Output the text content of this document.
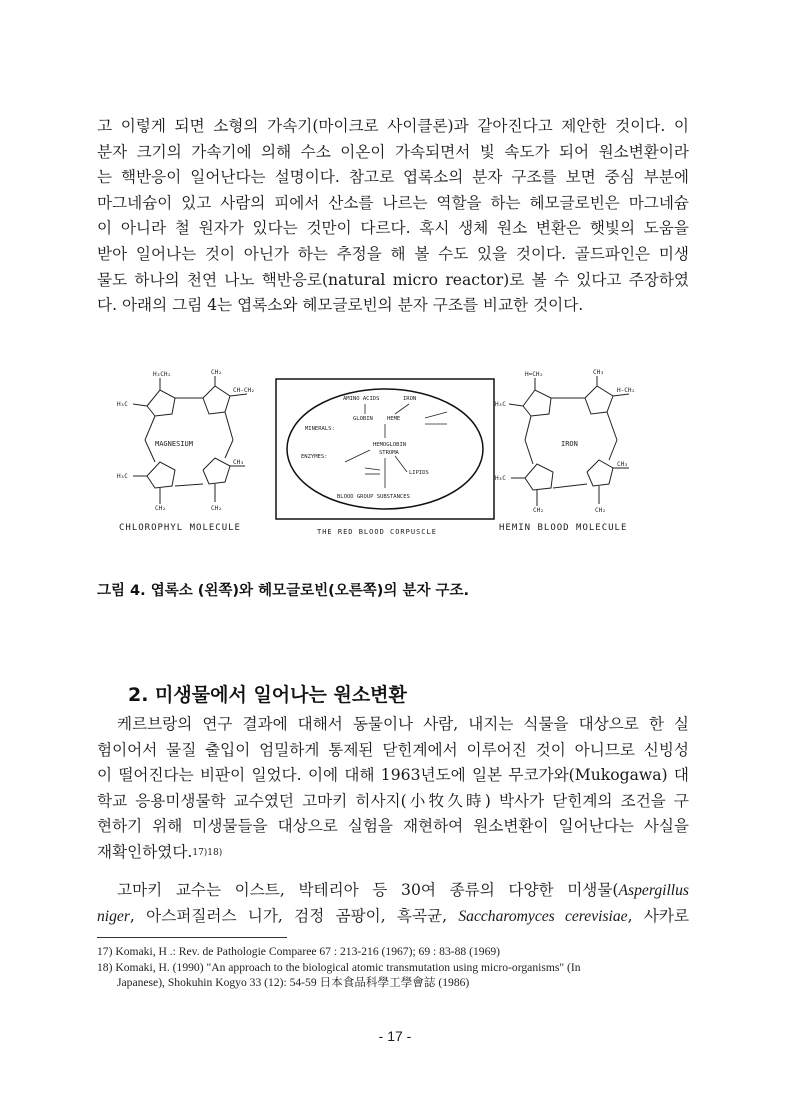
고 이렇게 되면 소형의 가속기(마이크로 사이클론)과 같아진다고 제안한 것이다. 이
분자 크기의 가속기에 의해 수소 이온이 가속되면서 빛 속도가 되어 원소변환이라
는 핵반응이 일어난다는 설명이다. 참고로 엽록소의 분자 구조를 보면 중심 부분에
마그네슘이 있고 사람의 피에서 산소를 나르는 역할을 하는 헤모글로빈은 마그네슘
이 아니라 철 원자가 있다는 것만이 다르다. 혹시 생체 원소 변환은 햇빛의 도움을
받아 일어나는 것이 아닌가 하는 추정을 해 볼 수도 있을 것이다. 골드파인은 미생
물도 하나의 천연 나노 핵반응로(natural micro reactor)로 볼 수 있다고 주장하였
다. 아래의 그림 4는 엽록소와 헤모글로빈의 분자 구조를 비교한 것이다.
H₃CH₂	CH₂
H₃C
CH-CH₂
H₃C
CH₃
CH₂	CH₂
MAGNESIUM
CHLOROPHYL MOLECULE
AMINO ACIDS	IRON
GLOBIN	HEME
MINERALS:
HEMOGLOBIN
STROMA
ENZYMES:
LIPIDS
BLOOD GROUP SUBSTANCES
THE RED BLOOD CORPUSCLE
H=CH₂	CH₃
H₃C
H-CH₂
H₃C
CH₃
CH₂	CH₂
IRON
HEMIN BLOOD MOLECULE
그림 4. 엽록소 (왼쪽)와 헤모글로빈(오른쪽)의 분자 구조.
2. 미생물에서 일어나는 원소변환
케르브랑의 연구 결과에 대해서 동물이나 사람, 내지는 식물을 대상으로 한 실
험이어서 물질 출입이 엄밀하게 통제된 닫힌계에서 이루어진 것이 아니므로 신빙성
이 떨어진다는 비판이 일었다. 이에 대해 1963년도에 일본 무코가와(Mukogawa) 대
학교 응용미생물학 교수였던 고마키 히사지(小牧久時) 박사가 닫힌계의 조건을 구
현하기 위해 미생물들을 대상으로 실험을 재현하여 원소변환이 일어난다는 사실을
재확인하였다.$^{17)18)}$
고마키 교수는 이스트, 박테리아 등 30여 종류의 다양한 미생물(Aspergillus
niger, 아스퍼질러스 니가, 검정 곰팡이, 흑곡균, Saccharomyces cerevisiae, 사카로
17) Komaki, H .: Rev. de Pathologie Comparee 67 : 213-216 (1967); 69 : 83-88 (1969)
18) Komaki, H. (1990) "An approach to the biological atomic transmutation using micro-organisms" (In
Japanese), Shokuhin Kogyo 33 (12): 54-59 日本食品科學工學會誌 (1986)
- 17 -
